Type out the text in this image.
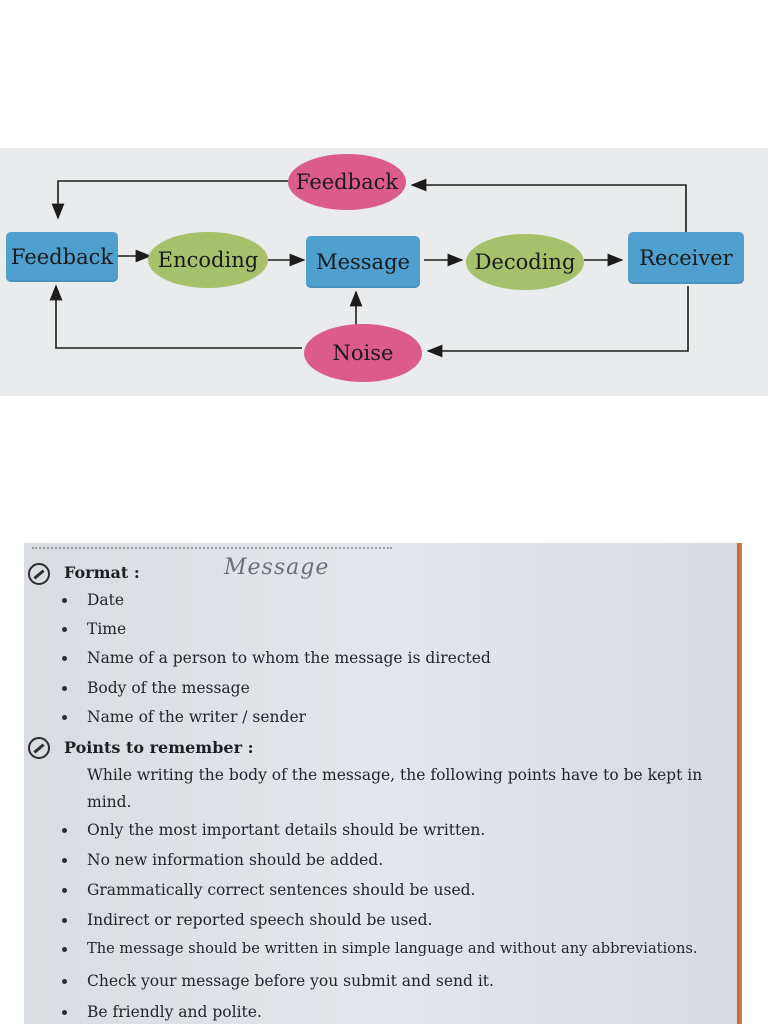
Feedback
Feedback	Encoding	Message	Decoding	Receiver
Noise
Format :	Message
Date
Time
Name of a person to whom the message is directed
Body of the message
Name of the writer / sender
Points to remember :
While writing the body of the message, the following points have to be kept in mind.
Only the most important details should be written.
No new information should be added.
Grammatically correct sentences should be used.
Indirect or reported speech should be used.
The message should be written in simple language and without any abbreviations.
Check your message before you submit and send it.
Be friendly and polite.
